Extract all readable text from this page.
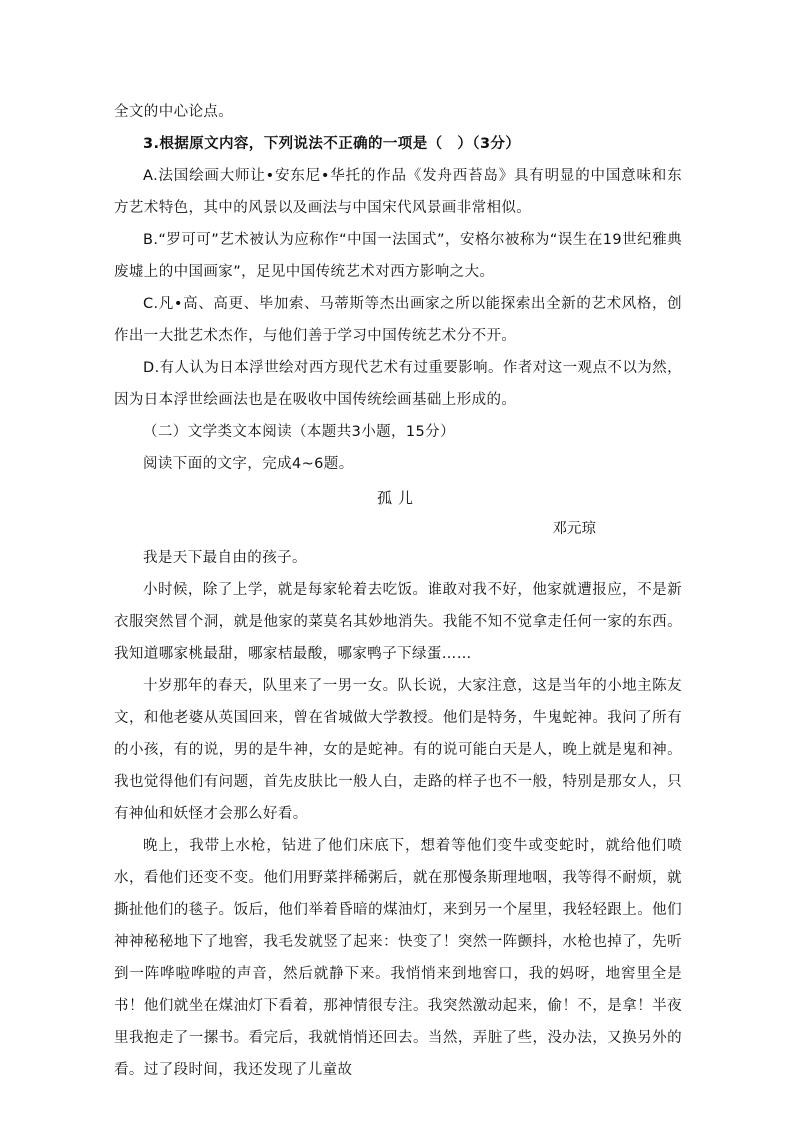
全文的中心论点。

3.根据原文内容，下列说法不正确的一项是（　）（3分）

A.法国绘画大师让•安东尼•华托的作品《发舟西苔岛》具有明显的中国意味和东方艺术特色，其中的风景以及画法与中国宋代风景画非常相似。

B.“罗可可”艺术被认为应称作“中国一法国式”，安格尔被称为“误生在19世纪雅典废墟上的中国画家”，足见中国传统艺术对西方影响之大。

C.凡•高、高更、毕加索、马蒂斯等杰出画家之所以能探索出全新的艺术风格，创作出一大批艺术杰作，与他们善于学习中国传统艺术分不开。

D.有人认为日本浮世绘对西方现代艺术有过重要影响。作者对这一观点不以为然，因为日本浮世绘画法也是在吸收中国传统绘画基础上形成的。

（二）文学类文本阅读（本题共3小题，15分）

阅读下面的文字，完成4~6题。

孤儿

邓元琼

我是天下最自由的孩子。

小时候，除了上学，就是每家轮着去吃饭。谁敢对我不好，他家就遭报应，不是新衣服突然冒个洞，就是他家的菜莫名其妙地消失。我能不知不觉拿走任何一家的东西。我知道哪家桃最甜，哪家桔最酸，哪家鸭子下绿蛋……

十岁那年的春天，队里来了一男一女。队长说，大家注意，这是当年的小地主陈友文，和他老婆从英国回来，曾在省城做大学教授。他们是特务，牛鬼蛇神。我问了所有的小孩，有的说，男的是牛神，女的是蛇神。有的说可能白天是人，晚上就是鬼和神。我也觉得他们有问题，首先皮肤比一般人白，走路的样子也不一般，特别是那女人，只有神仙和妖怪才会那么好看。

晚上，我带上水枪，钻进了他们床底下，想着等他们变牛或变蛇时，就给他们喷水，看他们还变不变。他们用野菜拌稀粥后，就在那慢条斯理地咽，我等得不耐烦，就撕扯他们的毯子。饭后，他们举着昏暗的煤油灯，来到另一个屋里，我轻轻跟上。他们神神秘秘地下了地窖，我毛发就竖了起来：快变了！突然一阵颤抖，水枪也掉了，先听到一阵哗啦哗啦的声音，然后就静下来。我悄悄来到地窖口，我的妈呀，地窖里全是书！他们就坐在煤油灯下看着，那神情很专注。我突然激动起来，偷！不，是拿！半夜里我抱走了一摞书。看完后，我就悄悄还回去。当然，弄脏了些，没办法，又换另外的看。过了段时间，我还发现了儿童故
